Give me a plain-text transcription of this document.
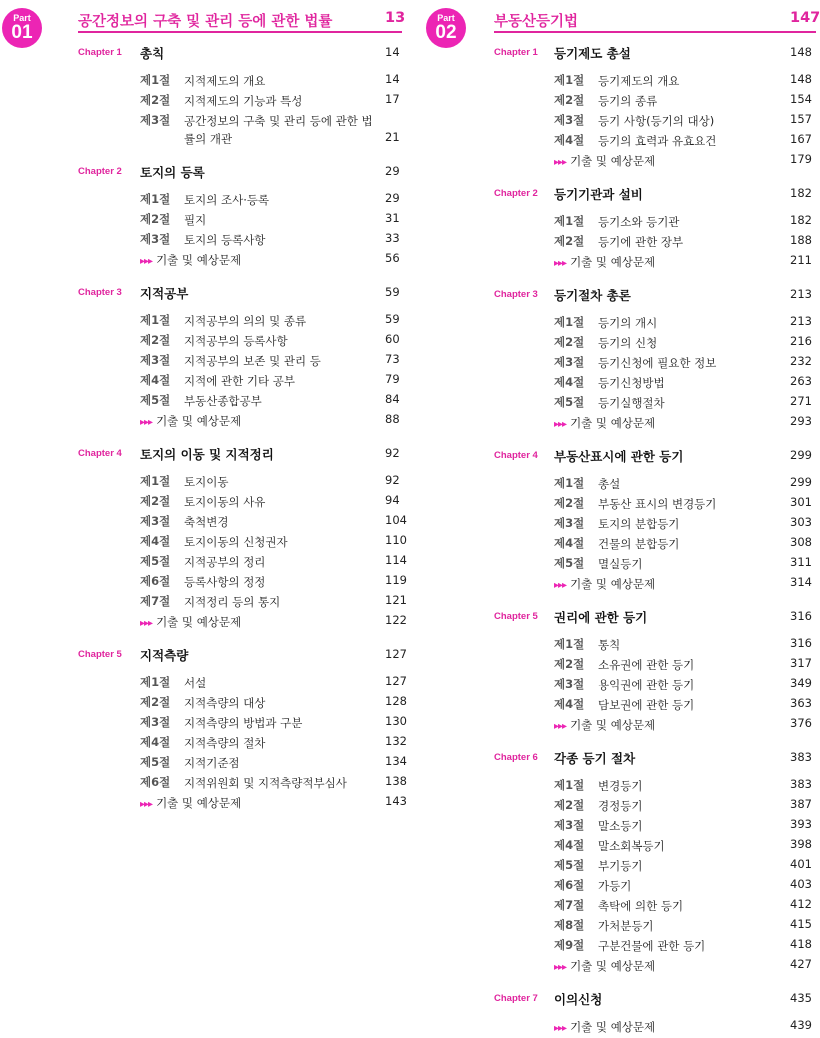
Part
01	공간정보의 구축 및 관리 등에 관한 법률	13
Chapter 1 총칙	14
제1절 지적제도의 개요	14
제2절 지적제도의 기능과 특성	17
제3절 공간정보의 구축 및 관리 등에 관한 법률의 개관	21
Chapter 2 토지의 등록	29
제1절 토지의 조사·등록	29
제2절 필지	31
제3절 토지의 등록사항	33
▸▸▸ 기출 및 예상문제	56
Chapter 3 지적공부	59
제1절 지적공부의 의의 및 종류	59
제2절 지적공부의 등록사항	60
제3절 지적공부의 보존 및 관리 등	73
제4절 지적에 관한 기타 공부	79
제5절 부동산종합공부	84
▸▸▸ 기출 및 예상문제	88
Chapter 4 토지의 이동 및 지적정리	92
제1절 토지이동	92
제2절 토지이동의 사유	94
제3절 축척변경	104
제4절 토지이동의 신청권자	110
제5절 지적공부의 정리	114
제6절 등록사항의 정정	119
제7절 지적정리 등의 통지	121
▸▸▸ 기출 및 예상문제	122
Chapter 5 지적측량	127
제1절 서설	127
제2절 지적측량의 대상	128
제3절 지적측량의 방법과 구분	130
제4절 지적측량의 절차	132
제5절 지적기준점	134
제6절 지적위원회 및 지적측량적부심사	138
▸▸▸ 기출 및 예상문제	143
Part
02	부동산등기법	147
Chapter 1 등기제도 총설	148
제1절 등기제도의 개요	148
제2절 등기의 종류	154
제3절 등기 사항(등기의 대상)	157
제4절 등기의 효력과 유효요건	167
▸▸▸ 기출 및 예상문제	179
Chapter 2 등기기관과 설비	182
제1절 등기소와 등기관	182
제2절 등기에 관한 장부	188
▸▸▸ 기출 및 예상문제	211
Chapter 3 등기절차 총론	213
제1절 등기의 개시	213
제2절 등기의 신청	216
제3절 등기신청에 필요한 정보	232
제4절 등기신청방법	263
제5절 등기실행절차	271
▸▸▸ 기출 및 예상문제	293
Chapter 4 부동산표시에 관한 등기	299
제1절 총설	299
제2절 부동산 표시의 변경등기	301
제3절 토지의 분합등기	303
제4절 건물의 분합등기	308
제5절 멸실등기	311
▸▸▸ 기출 및 예상문제	314
Chapter 5 권리에 관한 등기	316
제1절 통칙	316
제2절 소유권에 관한 등기	317
제3절 용익권에 관한 등기	349
제4절 담보권에 관한 등기	363
▸▸▸ 기출 및 예상문제	376
Chapter 6 각종 등기 절차	383
제1절 변경등기	383
제2절 경정등기	387
제3절 말소등기	393
제4절 말소회복등기	398
제5절 부기등기	401
제6절 가등기	403
제7절 촉탁에 의한 등기	412
제8절 가처분등기	415
제9절 구분건물에 관한 등기	418
▸▸▸ 기출 및 예상문제	427
Chapter 7 이의신청	435
▸▸▸ 기출 및 예상문제	439
